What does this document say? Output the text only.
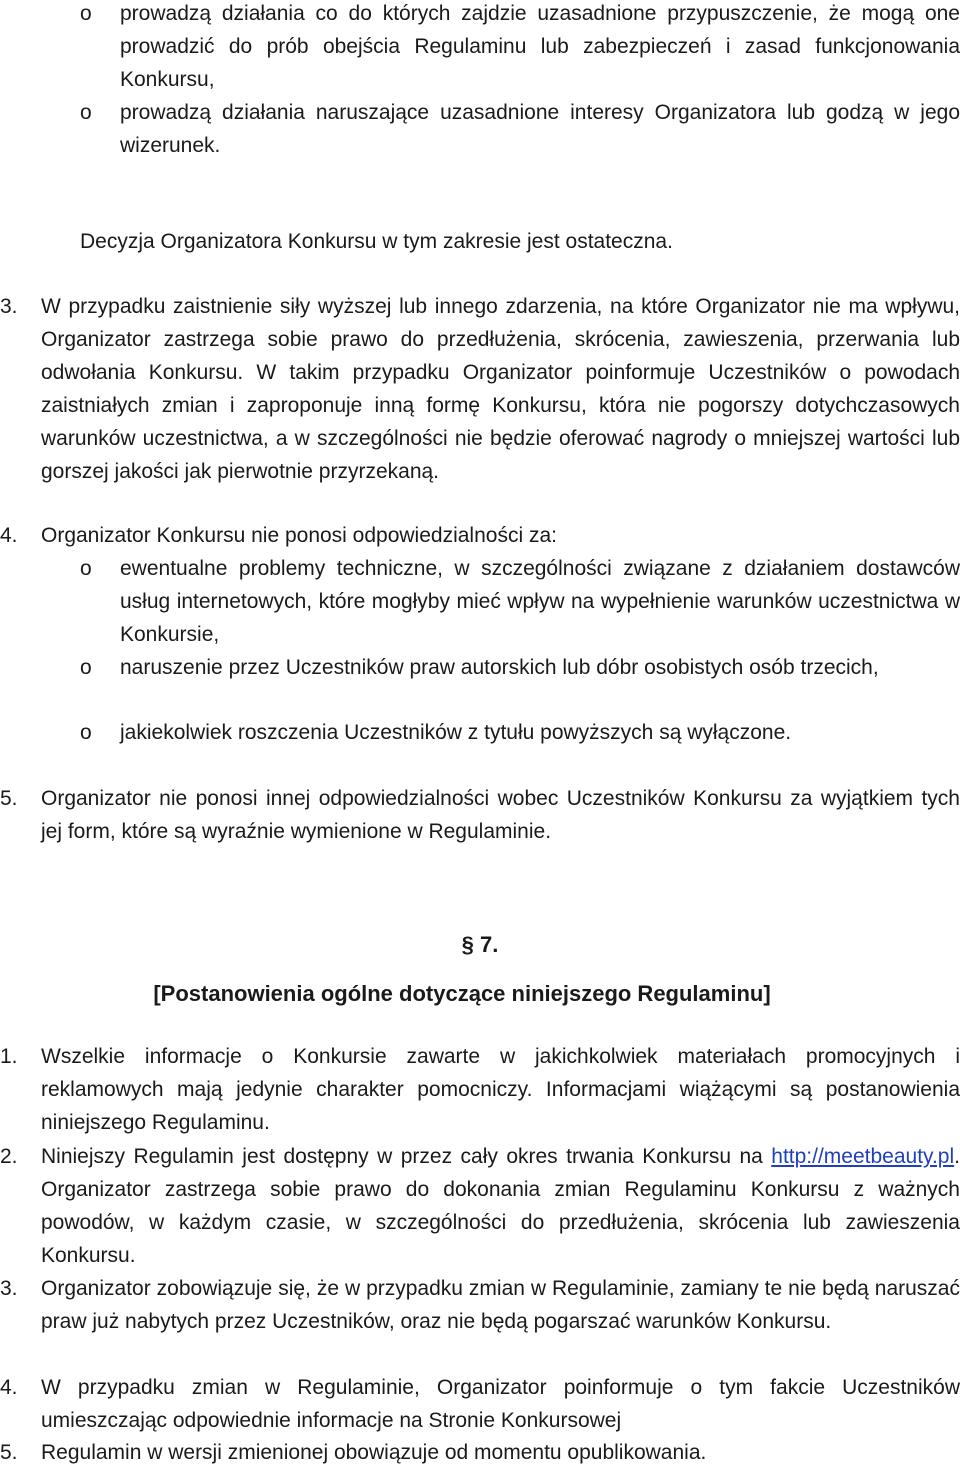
o prowadzą działania co do których zajdzie uzasadnione przypuszczenie, że mogą one prowadzić do prób obejścia Regulaminu lub zabezpieczeń i zasad funkcjonowania Konkursu,
o prowadzą działania naruszające uzasadnione interesy Organizatora lub godzą w jego wizerunek.
Decyzja Organizatora Konkursu w tym zakresie jest ostateczna.
3.	W przypadku zaistnienie siły wyższej lub innego zdarzenia, na które Organizator nie ma wpływu, Organizator zastrzega sobie prawo do przedłużenia, skrócenia, zawieszenia, przerwania lub odwołania Konkursu. W takim przypadku Organizator poinformuje Uczestników o powodach zaistniałych zmian i zaproponuje inną formę Konkursu, która nie pogorszy dotychczasowych warunków uczestnictwa, a w szczególności nie będzie oferować nagrody o mniejszej wartości lub gorszej jakości jak pierwotnie przyrzekaną.
4.	Organizator Konkursu nie ponosi odpowiedzialności za:
o ewentualne problemy techniczne, w szczególności związane z działaniem dostawców usług internetowych, które mogłyby mieć wpływ na wypełnienie warunków uczestnictwa w Konkursie,
o naruszenie przez Uczestników praw autorskich lub dóbr osobistych osób trzecich,
o jakiekolwiek roszczenia Uczestników z tytułu powyższych są wyłączone.
5.	Organizator nie ponosi innej odpowiedzialności wobec Uczestników Konkursu za wyjątkiem tych jej form, które są wyraźnie wymienione w Regulaminie.
§ 7.
[Postanowienia ogólne dotyczące niniejszego Regulaminu]
1.	Wszelkie informacje o Konkursie zawarte w jakichkolwiek materiałach promocyjnych i reklamowych mają jedynie charakter pomocniczy. Informacjami wiążącymi są postanowienia niniejszego Regulaminu.
2.	Niniejszy Regulamin jest dostępny w przez cały okres trwania Konkursu na http://meetbeauty.pl. Organizator zastrzega sobie prawo do dokonania zmian Regulaminu Konkursu z ważnych powodów, w każdym czasie, w szczególności do przedłużenia, skrócenia lub zawieszenia Konkursu.
3.	Organizator zobowiązuje się, że w przypadku zmian w Regulaminie, zamiany te nie będą naruszać praw już nabytych przez Uczestników, oraz nie będą pogarszać warunków Konkursu.
4.	W przypadku zmian w Regulaminie, Organizator poinformuje o tym fakcie Uczestników umieszczając odpowiednie informacje na Stronie Konkursowej
5.	Regulamin w wersji zmienionej obowiązuje od momentu opublikowania.
